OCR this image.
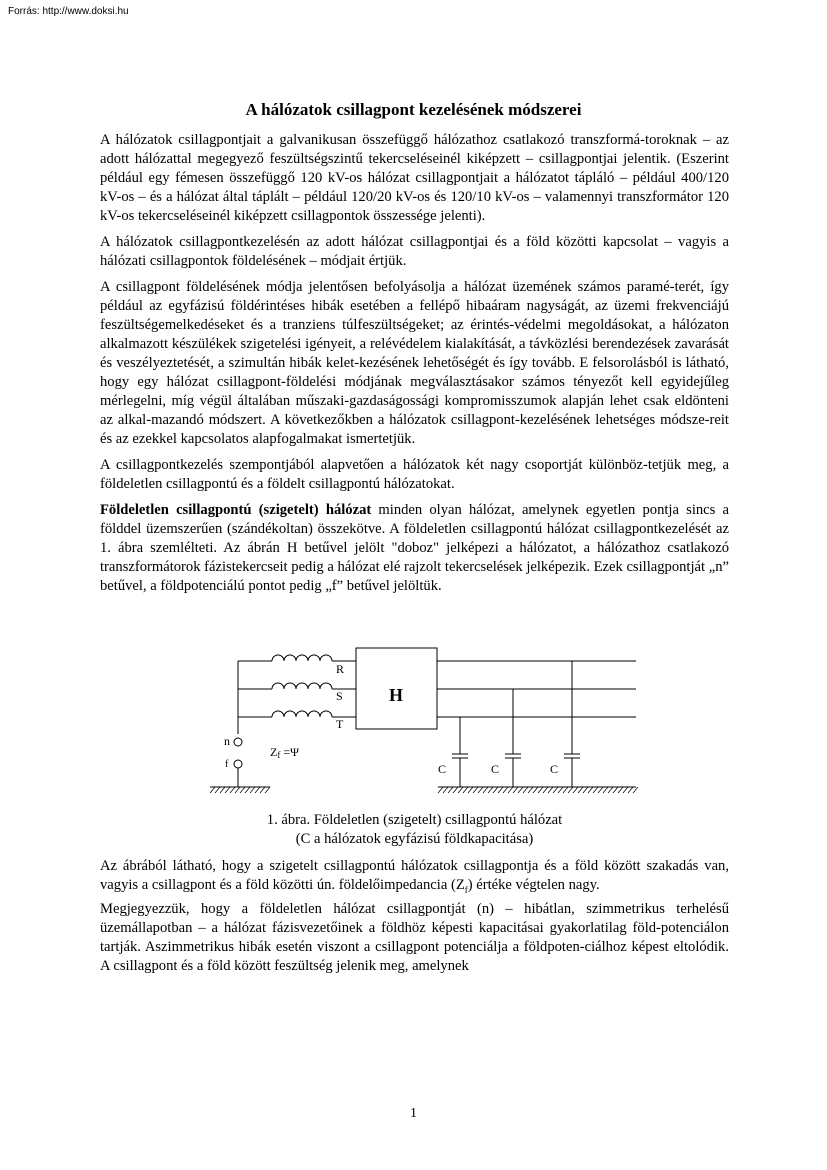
Forrás: http://www.doksi.hu
A hálózatok csillagpont kezelésének módszerei

A hálózatok csillagpontjait a galvanikusan összefüggő hálózathoz csatlakozó transzformá-toroknak – az adott hálózattal megegyező feszültségszintű tekercseléseinél kiképzett – csillagpontjai jelentik. (Eszerint például egy fémesen összefüggő 120 kV-os hálózat csillagpontjait a hálózatot tápláló – például 400/120 kV-os – és a hálózat által táplált – például 120/20 kV-os és 120/10 kV-os – valamennyi transzformátor 120 kV-os tekercseléseinél kiképzett csillagpontok összessége jelenti).

A hálózatok csillagpontkezelésén az adott hálózat csillagpontjai és a föld közötti kapcsolat – vagyis a hálózati csillagpontok földelésének – módjait értjük.

A csillagpont földelésének módja jelentősen befolyásolja a hálózat üzemének számos paramé-terét, így például az egyfázisú földérintéses hibák esetében a fellépő hibaáram nagyságát, az üzemi frekvenciájú feszültségemelkedéseket és a tranziens túlfeszültségeket; az érintés-védelmi megoldásokat, a hálózaton alkalmazott készülékek szigetelési igényeit, a relévédelem kialakítását, a távközlési berendezések zavarását és veszélyeztetését, a szimultán hibák kelet-kezésének lehetőségét és így tovább. E felsorolásból is látható, hogy egy hálózat csillagpont-földelési módjának megválasztásakor számos tényezőt kell egyidejűleg mérlegelni, míg végül általában műszaki-gazdaságossági kompromisszumok alapján lehet csak eldönteni az alkal-mazandó módszert. A következőkben a hálózatok csillagpont-kezelésének lehetséges módsze-reit és az ezekkel kapcsolatos alapfogalmakat ismertetjük.

A csillagpontkezelés szempontjából alapvetően a hálózatok két nagy csoportját különböz-tetjük meg, a földeletlen csillagpontú és a földelt csillagpontú hálózatokat.

Földeletlen csillagpontú (szigetelt) hálózat minden olyan hálózat, amelynek egyetlen pontja sincs a földdel üzemszerűen (szándékoltan) összekötve. A földeletlen csillagpontú hálózat csillagpontkezelését az 1. ábra szemlélteti. Az ábrán H betűvel jelölt "doboz" jelképezi a hálózatot, a hálózathoz csatlakozó transzformátorok fázistekercseit pedig a hálózat elé rajzolt tekercselések jelképezik. Ezek csillagpontját „n” betűvel, a földpotenciálú pontot pedig „f” betűvel jelöltük.

R
S
T
H
n
f
Zf =Ψ
C	C	C
1. ábra. Földeletlen (szigetelt) csillagpontú hálózat
(C a hálózatok egyfázisú földkapacitása)

Az ábrából látható, hogy a szigetelt csillagpontú hálózatok csillagpontja és a föld között szakadás van, vagyis a csillagpont és a föld közötti ún. földelőimpedancia $(Z_f)$ értéke végtelen nagy.

Megjegyezzük, hogy a földeletlen hálózat csillagpontját (n) – hibátlan, szimmetrikus terhelésű üzemállapotban – a hálózat fázisvezetőinek a földhöz képesti kapacitásai gyakorlatilag föld-potenciálon tartják. Aszimmetrikus hibák esetén viszont a csillagpont potenciálja a földpoten-ciálhoz képest eltolódik. A csillagpont és a föld között feszültség jelenik meg, amelynek

1
